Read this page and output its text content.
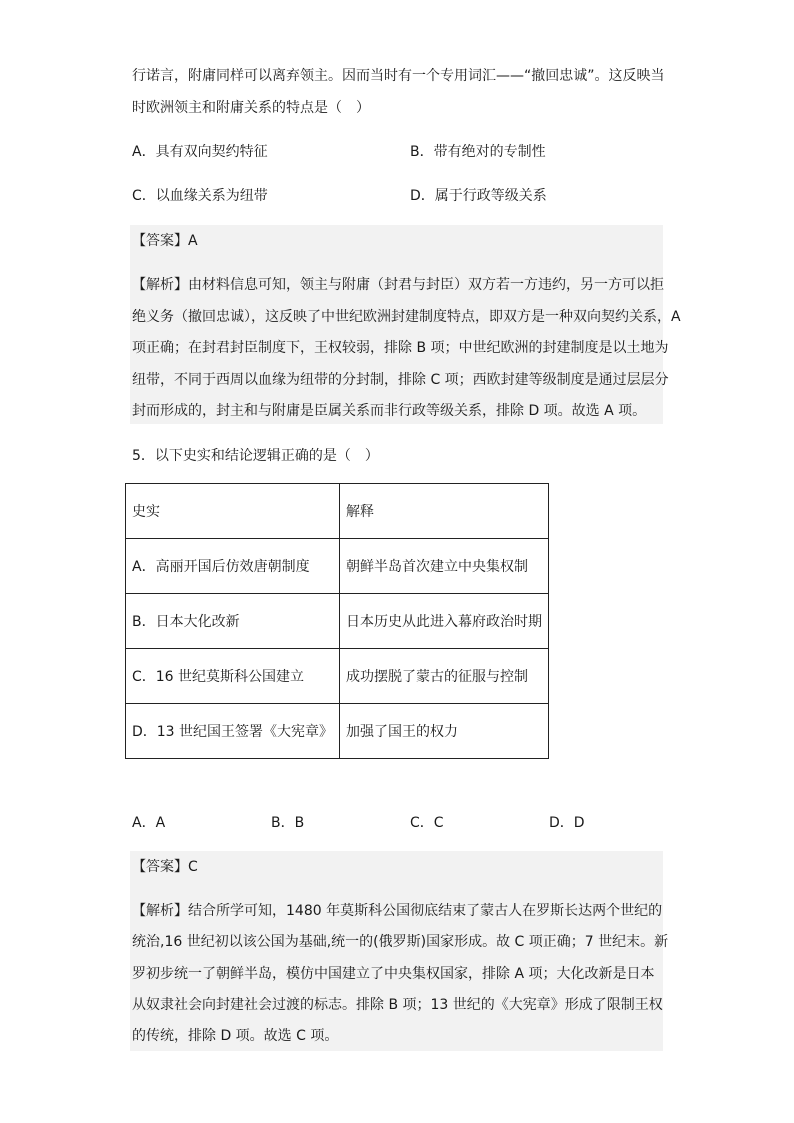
行诺言，附庸同样可以离弃领主。因而当时有一个专用词汇——“撤回忠诚”。这反映当
时欧洲领主和附庸关系的特点是（　）
A．具有双向契约特征	B．带有绝对的专制性
C．以血缘关系为纽带	D．属于行政等级关系
【答案】A
【解析】由材料信息可知，领主与附庸（封君与封臣）双方若一方违约，另一方可以拒
绝义务（撤回忠诚），这反映了中世纪欧洲封建制度特点，即双方是一种双向契约关系，A
项正确；在封君封臣制度下，王权较弱，排除 B 项；中世纪欧洲的封建制度是以土地为
纽带，不同于西周以血缘为纽带的分封制，排除 C 项；西欧封建等级制度是通过层层分
封而形成的，封主和与附庸是臣属关系而非行政等级关系，排除 D 项。故选 A 项。
5．以下史实和结论逻辑正确的是（　）
史实	解释
A．高丽开国后仿效唐朝制度	朝鲜半岛首次建立中央集权制
B．日本大化改新	日本历史从此进入幕府政治时期
C．16 世纪莫斯科公国建立	成功摆脱了蒙古的征服与控制
D．13 世纪国王签署《大宪章》	加强了国王的权力
A．A	B．B	C．C	D．D
【答案】C
【解析】结合所学可知，1480 年莫斯科公国彻底结束了蒙古人在罗斯长达两个世纪的
统治,16 世纪初以该公国为基础,统一的(俄罗斯)国家形成。故 C 项正确；7 世纪末。新
罗初步统一了朝鲜半岛，模仿中国建立了中央集权国家，排除 A 项；大化改新是日本
从奴隶社会向封建社会过渡的标志。排除 B 项；13 世纪的《大宪章》形成了限制王权
的传统，排除 D 项。故选 C 项。
